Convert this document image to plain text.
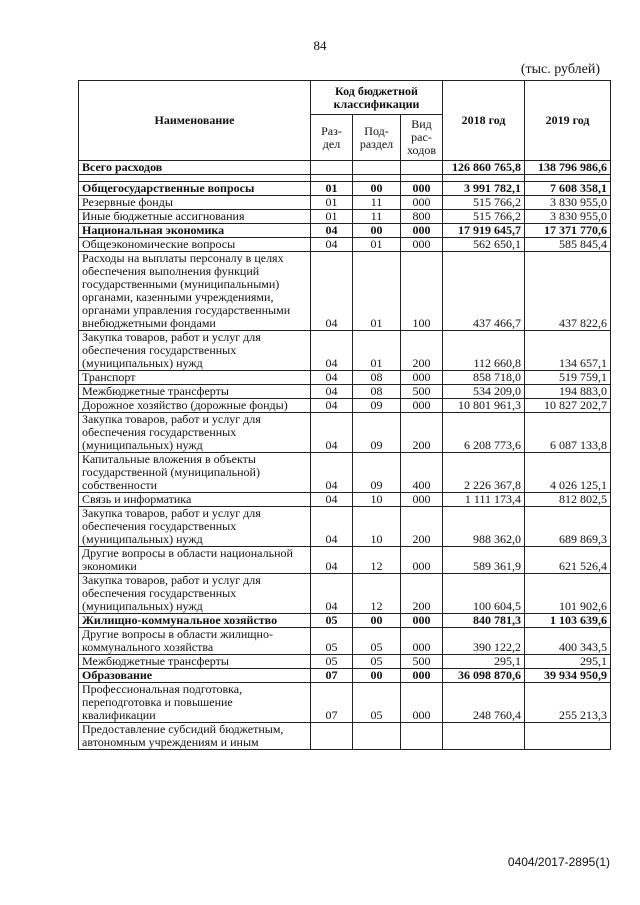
84
(тыс. рублей)
Наименование	Код бюджетной классификации			2018 год	2019 год
	Раз-дел	Под-раздел	Вид рас-ходов		
Всего расходов				126 860 765,8	138 796 986,6

Общегосударственные вопросы	01	00	000	3 991 782,1	7 608 358,1
Резервные фонды	01	11	000	515 766,2	3 830 955,0
Иные бюджетные ассигнования	01	11	800	515 766,2	3 830 955,0
Национальная экономика	04	00	000	17 919 645,7	17 371 770,6
Общеэкономические вопросы	04	01	000	562 650,1	585 845,4
Расходы на выплаты персоналу в целях обеспечения выполнения функций государственными (муниципальными) органами, казенными учреждениями, органами управления государственными внебюджетными фондами	04	01	100	437 466,7	437 822,6
Закупка товаров, работ и услуг для обеспечения государственных (муниципальных) нужд	04	01	200	112 660,8	134 657,1
Транспорт	04	08	000	858 718,0	519 759,1
Межбюджетные трансферты	04	08	500	534 209,0	194 883,0
Дорожное хозяйство (дорожные фонды)	04	09	000	10 801 961,3	10 827 202,7
Закупка товаров, работ и услуг для обеспечения государственных (муниципальных) нужд	04	09	200	6 208 773,6	6 087 133,8
Капитальные вложения в объекты государственной (муниципальной) собственности	04	09	400	2 226 367,8	4 026 125,1
Связь и информатика	04	10	000	1 111 173,4	812 802,5
Закупка товаров, работ и услуг для обеспечения государственных (муниципальных) нужд	04	10	200	988 362,0	689 869,3
Другие вопросы в области национальной экономики	04	12	000	589 361,9	621 526,4
Закупка товаров, работ и услуг для обеспечения государственных (муниципальных) нужд	04	12	200	100 604,5	101 902,6
Жилищно-коммунальное хозяйство	05	00	000	840 781,3	1 103 639,6
Другие вопросы в области жилищно-коммунального хозяйства	05	05	000	390 122,2	400 343,5
Межбюджетные трансферты	05	05	500	295,1	295,1
Образование	07	00	000	36 098 870,6	39 934 950,9
Профессиональная подготовка, переподготовка и повышение квалификации	07	05	000	248 760,4	255 213,3
Предоставление субсидий бюджетным, автономным учреждениям и иным					
0404/2017-2895(1)
